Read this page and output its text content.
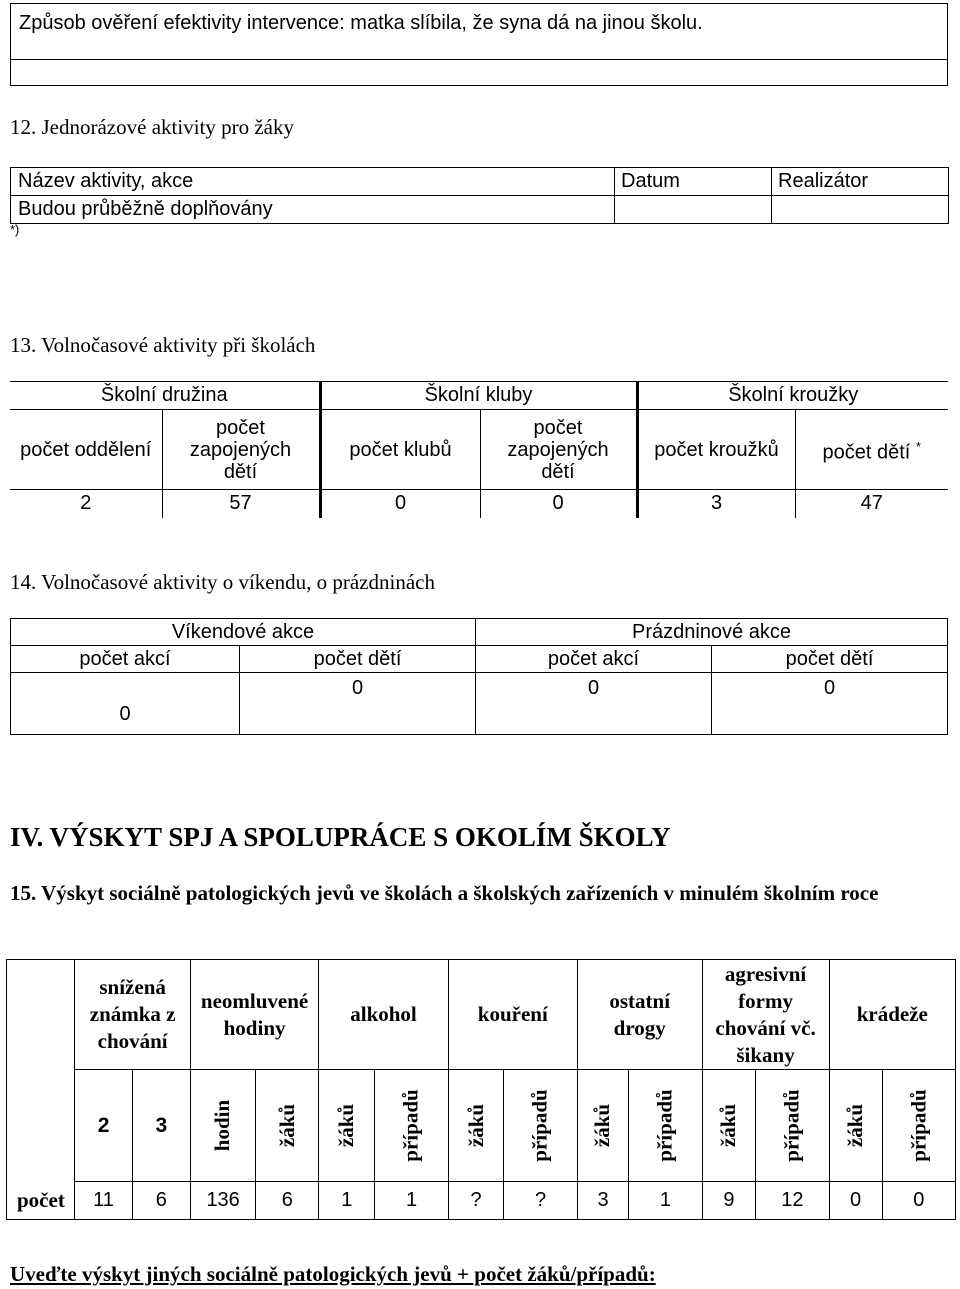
Způsob ověření efektivity intervence: matka slíbila, že syna dá na jinou školu.
12. Jednorázové aktivity pro žáky
Název aktivity, akce	Datum	Realizátor
Budou průběžně doplňovány		
*)
13. Volnočasové aktivity při školách
Školní družina		Školní kluby		Školní kroužky	
počet oddělení	počet zapojených dětí	počet klubů	počet zapojených dětí	počet kroužků	počet dětí *
2	57	0	0	3	47
14. Volnočasové aktivity o víkendu, o prázdninách
Víkendové akce		Prázdninové akce	
počet akcí	počet dětí	počet akcí	počet dětí
0	0	0	0
IV. VÝSKYT SPJ A SPOLUPRÁCE S OKOLÍM ŠKOLY
15. Výskyt sociálně patologických jevů ve školách a školských zařízeních v minulém školním roce
	snížená známka z chování		neomluvené hodiny		alkohol		kouření		ostatní drogy		agresivní formy chování vč. šikany		krádeže	
	2	3	hodin	žáků	žáků	případů	žáků	případů	žáků	případů	žáků	případů	žáků	případů
počet	11	6	136	6	1	1	?	?	3	1	9	12	0	0
Uveďte výskyt jiných sociálně patologických jevů + počet žáků/případů:
